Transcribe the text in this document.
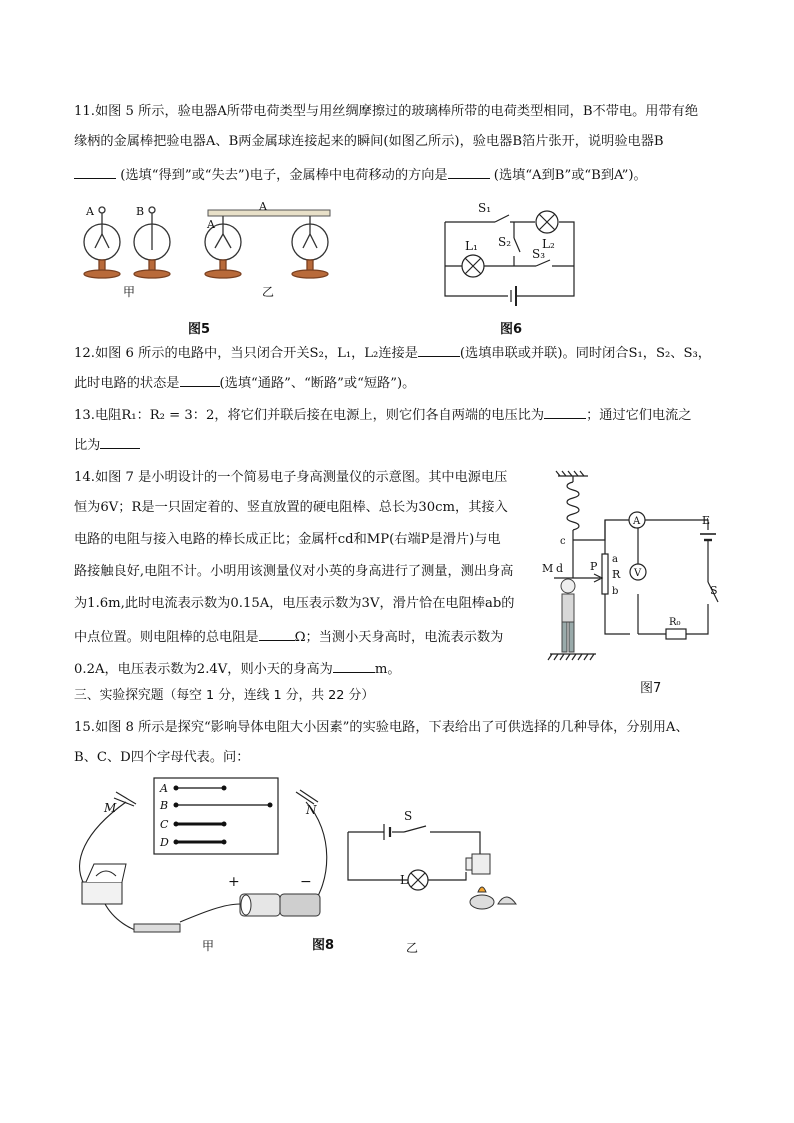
11.如图 5 所示，验电器A所带电荷类型与用丝绸摩擦过的玻璃棒所带的电荷类型相同，B不带电。用带有绝
缘柄的金属棒把验电器A、B两金属球连接起来的瞬间(如图乙所示)，验电器B箔片张开，说明验电器B
(选填“得到”或“失去”)电子，金属棒中电荷移动的方向是	(选填“A到B”或“B到A”)。
A	B
甲
A
A
乙
图5
S₁
S₂
S₃
L₁	L₂
图6
12.如图 6 所示的电路中，当只闭合开关S₂，L₁，L₂连接是	(选填串联或并联)。同时闭合S₁，S₂、S₃，
此时电路的状态是	(选填“通路”、“断路”或“短路”)。
13.电阻R₁：R₂ = 3：2，将它们并联后接在电源上，则它们各自两端的电压比为	；通过它们电流之
比为
14.如图 7 是小明设计的一个简易电子身高测量仪的示意图。其中电源电压
恒为6V；R是一只固定着的、竖直放置的硬电阻棒、总长为30cm，其接入
电路的电阻与接入电路的棒长成正比；金属杆cd和MP(右端P是滑片)与电
路接触良好,电阻不计。小明用该测量仪对小英的身高进行了测量，测出身高
为1.6m,此时电流表示数为0.15A，电压表示数为3V，滑片恰在电阻棒ab的
中点位置。则电阻棒的总电阻是	Ω；当测小天身高时，电流表示数为
0.2A，电压表示数为2.4V，则小天的身高为	m。
A
V
c
M d P
a
R
b
E
S
R₀
图7
三、实验探究题（每空 1 分，连线 1 分，共 22 分）
15.如图 8 所示是探究“影响导体电阻大小因素”的实验电路，下表给出了可供选择的几种导体，分别用A、
B、C、D四个字母代表。问：
A
B
C
D
+	−
M	N
甲
S
L
乙
图8
